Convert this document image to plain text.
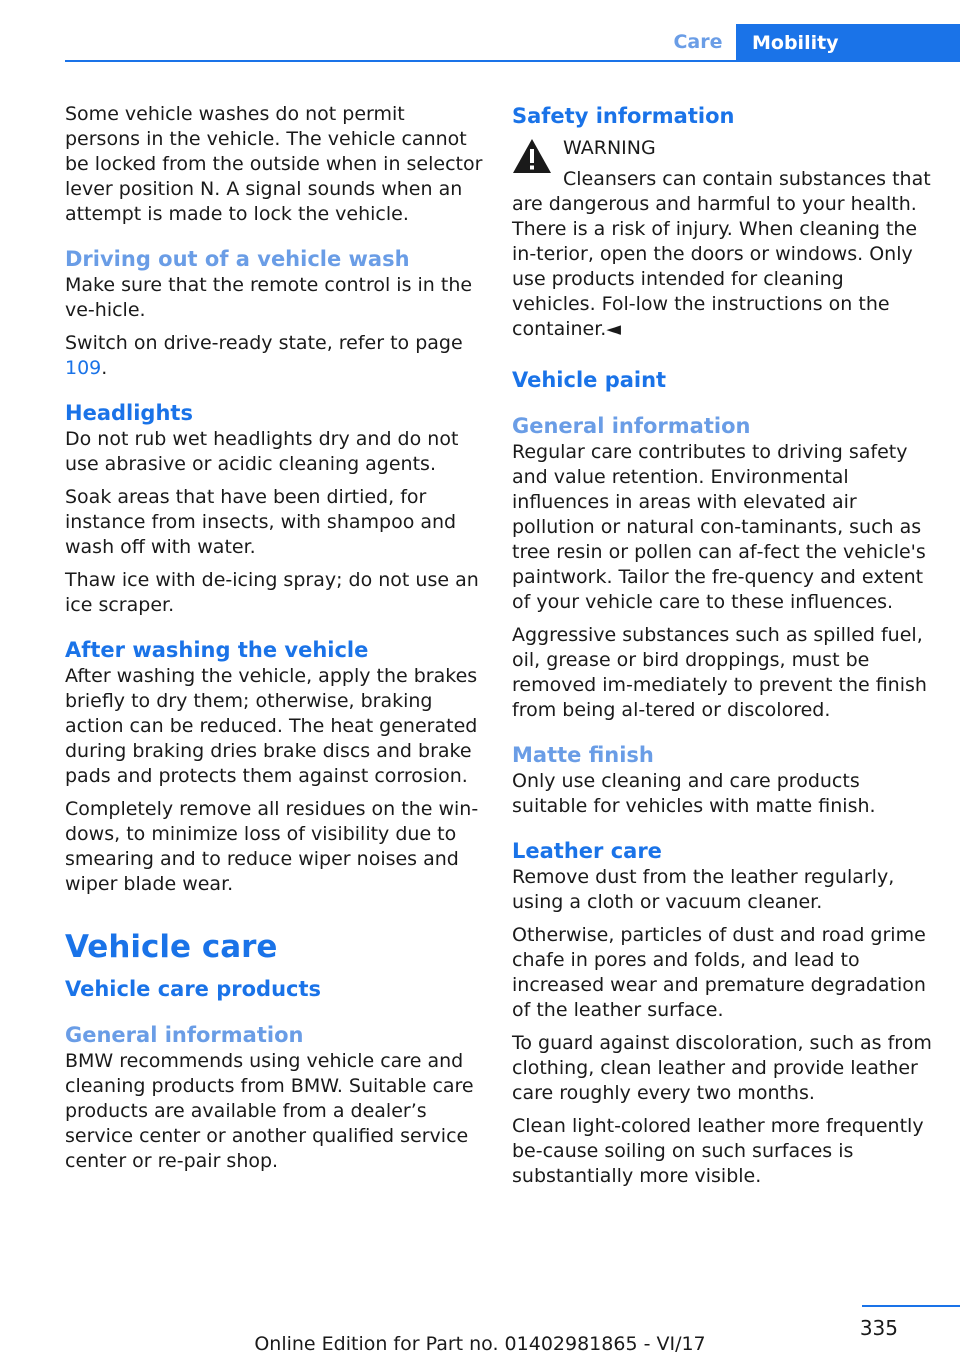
Care	Mobility

Some vehicle washes do not permit persons in the vehicle. The vehicle cannot be locked from the outside when in selector lever position N. A signal sounds when an attempt is made to lock the vehicle.

Driving out of a vehicle wash

Make sure that the remote control is in the ve‐hicle.

Switch on drive-ready state, refer to page 109.

Headlights

Do not rub wet headlights dry and do not use abrasive or acidic cleaning agents.

Soak areas that have been dirtied, for instance from insects, with shampoo and wash off with water.

Thaw ice with de-icing spray; do not use an ice scraper.

After washing the vehicle

After washing the vehicle, apply the brakes briefly to dry them; otherwise, braking action can be reduced. The heat generated during braking dries brake discs and brake pads and protects them against corrosion.

Completely remove all residues on the win‐dows, to minimize loss of visibility due to smearing and to reduce wiper noises and wiper blade wear.

Vehicle care
Vehicle care products
General information

BMW recommends using vehicle care and cleaning products from BMW. Suitable care products are available from a dealer’s service center or another qualified service center or re‐pair shop.

Safety information

WARNING

Cleansers can contain substances that

are dangerous and harmful to your health. There is a risk of injury. When cleaning the in‐terior, open the doors or windows. Only use products intended for cleaning vehicles. Fol‐low the instructions on the container.◄

Vehicle paint
General information

Regular care contributes to driving safety and value retention. Environmental influences in areas with elevated air pollution or natural con‐taminants, such as tree resin or pollen can af‐fect the vehicle's paintwork. Tailor the fre‐quency and extent of your vehicle care to these influences.

Aggressive substances such as spilled fuel, oil, grease or bird droppings, must be removed im‐mediately to prevent the finish from being al‐tered or discolored.

Matte finish

Only use cleaning and care products suitable for vehicles with matte finish.

Leather care

Remove dust from the leather regularly, using a cloth or vacuum cleaner.

Otherwise, particles of dust and road grime chafe in pores and folds, and lead to increased wear and premature degradation of the leather surface.

To guard against discoloration, such as from clothing, clean leather and provide leather care roughly every two months.

Clean light-colored leather more frequently be‐cause soiling on such surfaces is substantially more visible.

335
Online Edition for Part no. 01402981865 - VI/17
